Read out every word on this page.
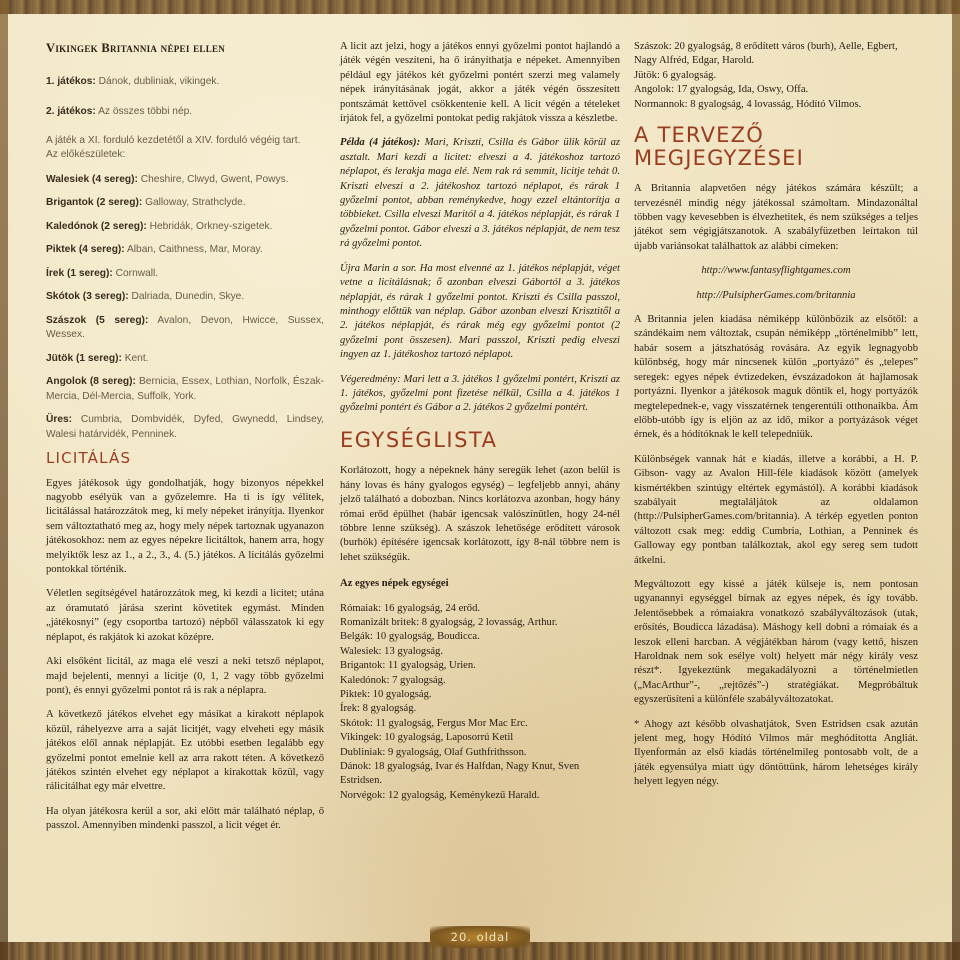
Vikingek Britannia népei ellen

1. játékos: Dánok, dubliniak, vikingek.

2. játékos: Az összes többi nép.

A játék a XI. forduló kezdetétől a XIV. forduló végéig tart.

Az előkészületek:

Walesiek (4 sereg): Cheshire, Clwyd, Gwent, Powys.

Brigantok (2 sereg): Galloway, Strathclyde.

Kaledónok (2 sereg): Hebridák, Orkney-szigetek.

Piktek (4 sereg): Alban, Caithness, Mar, Moray.

Írek (1 sereg): Cornwall.

Skótok (3 sereg): Dalriada, Dunedin, Skye.

Szászok (5 sereg): Avalon, Devon, Hwicce, Sussex, Wessex.

Jütök (1 sereg): Kent.

Angolok (8 sereg): Bernicia, Essex, Lothian, Norfolk, Észak-Mercia, Dél-Mercia, Suffolk, York.

Üres: Cumbria, Dombvidék, Dyfed, Gwynedd, Lindsey, Walesi határvidék, Penninek.

LICITÁLÁS

Egyes játékosok úgy gondolhatják, hogy bizonyos népekkel nagyobb esélyük van a győzelemre. Ha ti is így vélitek, licitálással határozzátok meg, ki mely népeket irányítja. Ilyenkor sem változtatható meg az, hogy mely népek tartoznak ugyanazon játékosokhoz: nem az egyes népekre licitáltok, hanem arra, hogy melyiktők lesz az 1., a 2., 3., 4. (5.) játékos. A licitálás győzelmi pontokkal történik.

Véletlen segítségével határozzátok meg, ki kezdi a licitet; utána az óramutató járása szerint követitek egymást. Minden „játékosnyi” (egy csoportba tartozó) népből válasszatok ki egy néplapot, és rakjátok ki azokat középre.

Aki elsőként licitál, az maga elé veszi a neki tetsző néplapot, majd bejelenti, mennyi a licitje (0, 1, 2 vagy több győzelmi pont), és ennyi győzelmi pontot rá is rak a néplapra.

A következő játékos elvehet egy másikat a kirakott néplapok közül, ráhelyezve arra a saját licitjét, vagy elveheti egy másik játékos elől annak néplapját. Ez utóbbi esetben legalább egy győzelmi pontot emelnie kell az arra rakott téten. A következő játékos szintén elvehet egy néplapot a kirakottak közül, vagy rálicitálhat egy már elvettre.

Ha olyan játékosra kerül a sor, aki előtt már található néplap, ő passzol. Amennyiben mindenki passzol, a licit véget ér.

A licit azt jelzi, hogy a játékos ennyi győzelmi pontot hajlandó a játék végén veszíteni, ha ő irányíthatja e népeket. Amennyiben például egy játékos két győzelmi pontért szerzi meg valamely népek irányításának jogát, akkor a játék végén összesített pontszámát kettővel csökkentenie kell. A licit végén a tételeket írjátok fel, a győzelmi pontokat pedig rakjátok vissza a készletbe.

Példa (4 játékos): Mari, Kriszti, Csilla és Gábor ülik körül az asztalt. Mari kezdi a licitet: elveszi a 4. játékoshoz tartozó néplapot, és lerakja maga elé. Nem rak rá semmit, licitje tehát 0. Kriszti elveszi a 2. játékoshoz tartozó néplapot, és rárak 1 győzelmi pontot, abban reménykedve, hogy ezzel eltántorítja a többieket. Csilla elveszi Maritól a 4. játékos néplapját, és rárak 1 győzelmi pontot. Gábor elveszi a 3. játékos néplapját, de nem tesz rá győzelmi pontot.

Újra Marin a sor. Ha most elvenné az 1. játékos néplapját, véget vetne a licitálásnak; ő azonban elveszi Gábortól a 3. játékos néplapját, és rárak 1 győzelmi pontot. Kriszti és Csilla passzol, minthogy előttük van néplap. Gábor azonban elveszi Krisztitől a 2. játékos néplapját, és rárak még egy győzelmi pontot (2 győzelmi pont összesen). Mari passzol, Kriszti pedig elveszi ingyen az 1. játékoshoz tartozó néplapot.

Végeredmény: Mari lett a 3. játékos 1 győzelmi pontért, Kriszti az 1. játékos, győzelmi pont fizetése nélkül, Csilla a 4. játékos 1 győzelmi pontért és Gábor a 2. játékos 2 győzelmi pontért.

EGYSÉGLISTA

Korlátozott, hogy a népeknek hány seregük lehet (azon belül is hány lovas és hány gyalogos egység) – legfeljebb annyi, ahány jelző található a dobozban. Nincs korlátozva azonban, hogy hány római erőd épülhet (habár igencsak valószínűtlen, hogy 24-nél többre lenne szükség). A szászok lehetősége erődített városok (burhök) építésére igencsak korlátozott, így 8-nál többre nem is lehet szükségük.

Az egyes népek egységei

Rómaiak: 16 gyalogság, 24 erőd.

Romanizált britek: 8 gyalogság, 2 lovasság, Arthur.

Belgák: 10 gyalogság, Boudicca.

Walesiek: 13 gyalogság.

Brigantok: 11 gyalogság, Urien.

Kaledónok: 7 gyalogság.

Piktek: 10 gyalogság.

Írek: 8 gyalogság.

Skótok: 11 gyalogság, Fergus Mor Mac Erc.

Vikingek: 10 gyalogság, Laposorrú Ketil

Dubliniak: 9 gyalogság, Olaf Guthfrithsson.

Dánok: 18 gyalogság, Ivar és Halfdan, Nagy Knut, Sven Estridsen.

Norvégok: 12 gyalogság, Keménykezű Harald.

Szászok: 20 gyalogság, 8 erődített város (burh), Aelle, Egbert, Nagy Alfréd, Edgar, Harold.

Jütök: 6 gyalogság.

Angolok: 17 gyalogság, Ida, Oswy, Offa.

Normannok: 8 gyalogság, 4 lovasság, Hódító Vilmos.

A TERVEZŐ
MEGJEGYZÉSEI

A Britannia alapvetően négy játékos számára készült; a tervezésnél mindig négy játékossal számoltam. Mindazonáltal többen vagy kevesebben is élvezhetitek, és nem szükséges a teljes játékot sem végigjátszanotok. A szabályfüzetben leírtakon túl újabb variánsokat találhattok az alábbi címeken:

http://www.fantasyflightgames.com

http://PulsipherGames.com/britannia

A Britannia jelen kiadása némiképp különbözik az elsőtől: a szándékaim nem változtak, csupán némiképp „történelmibb” lett, habár sosem a játszhatóság rovására. Az egyik legnagyobb különbség, hogy már nincsenek külön „portyázó” és „telepes” seregek: egyes népek évtizedeken, évszázadokon át hajlamosak portyázni. Ilyenkor a játékosok maguk döntik el, hogy portyázók megtelepednek-e, vagy visszatérnek tengerentúli otthonaikba. Ám előbb-utóbb így is eljön az az idő, mikor a portyázások véget érnek, és a hódítóknak le kell telepedniük.

Különbségek vannak hát e kiadás, illetve a korábbi, a H. P. Gibson- vagy az Avalon Hill-féle kiadások között (amelyek kismértékben szintúgy eltértek egymástól). A korábbi kiadások szabályait megtaláljátok az oldalamon (http://PulsipherGames.com/britannia). A térkép egyetlen ponton változott csak meg: eddig Cumbria, Lothian, a Penninek és Galloway egy pontban találkoztak, akol egy sereg sem tudott átkelni.

Megváltozott egy kissé a játék külseje is, nem pontosan ugyanannyi egységgel bírnak az egyes népek, és így tovább. Jelentősebbek a rómaiakra vonatkozó szabályváltozások (utak, erősítés, Boudicca lázadása). Máshogy kell dobni a rómaiak és a leszok elleni harcban. A végjátékban három (vagy kettő, hiszen Haroldnak nem sok esélye volt) helyett már négy király vesz részt*. Igyekeztünk megakadályozni a történelmietlen („MacArthur”-, „rejtőzés”-) stratégiákat. Megpróbáltuk egyszerűsíteni a különféle szabályváltozatokat.

* Ahogy azt később olvashatjátok, Sven Estridsen csak azután jelent meg, hogy Hódító Vilmos már meghódította Angliát. Ilyenformán az első kiadás történelmileg pontosabb volt, de a játék egyensúlya miatt úgy döntöttünk, három lehetséges király helyett legyen négy.

20. oldal
